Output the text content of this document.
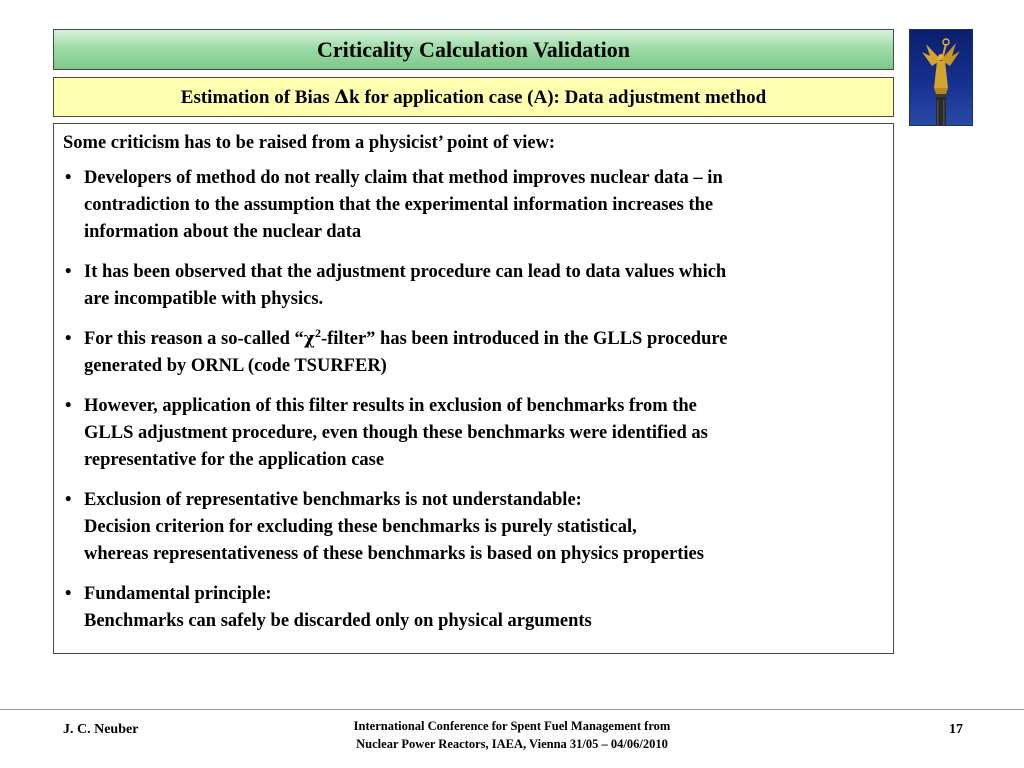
Criticality Calculation Validation
Estimation of Bias Δk for application case (A): Data adjustment method

Some criticism has to be raised from a physicist’ point of view:

• Developers of method do not really claim that method improves nuclear data – in
contradiction to the assumption that the experimental information increases the
information about the nuclear data
• It has been observed that the adjustment procedure can lead to data values which
are incompatible with physics.
• For this reason a so-called “$\chi^2$-filter” has been introduced in the GLLS procedure
generated by ORNL (code TSURFER)
• However, application of this filter results in exclusion of benchmarks from the
GLLS adjustment procedure, even though these benchmarks were identified as
representative for the application case
• Exclusion of representative benchmarks is not understandable:
Decision criterion for excluding these benchmarks is purely statistical,
whereas representativeness of these benchmarks is based on physics properties
• Fundamental principle:
Benchmarks can safely be discarded only on physical arguments
J. C. Neuber	International Conference for Spent Fuel Management from
Nuclear Power Reactors, IAEA, Vienna 31/05 – 04/06/2010
17
